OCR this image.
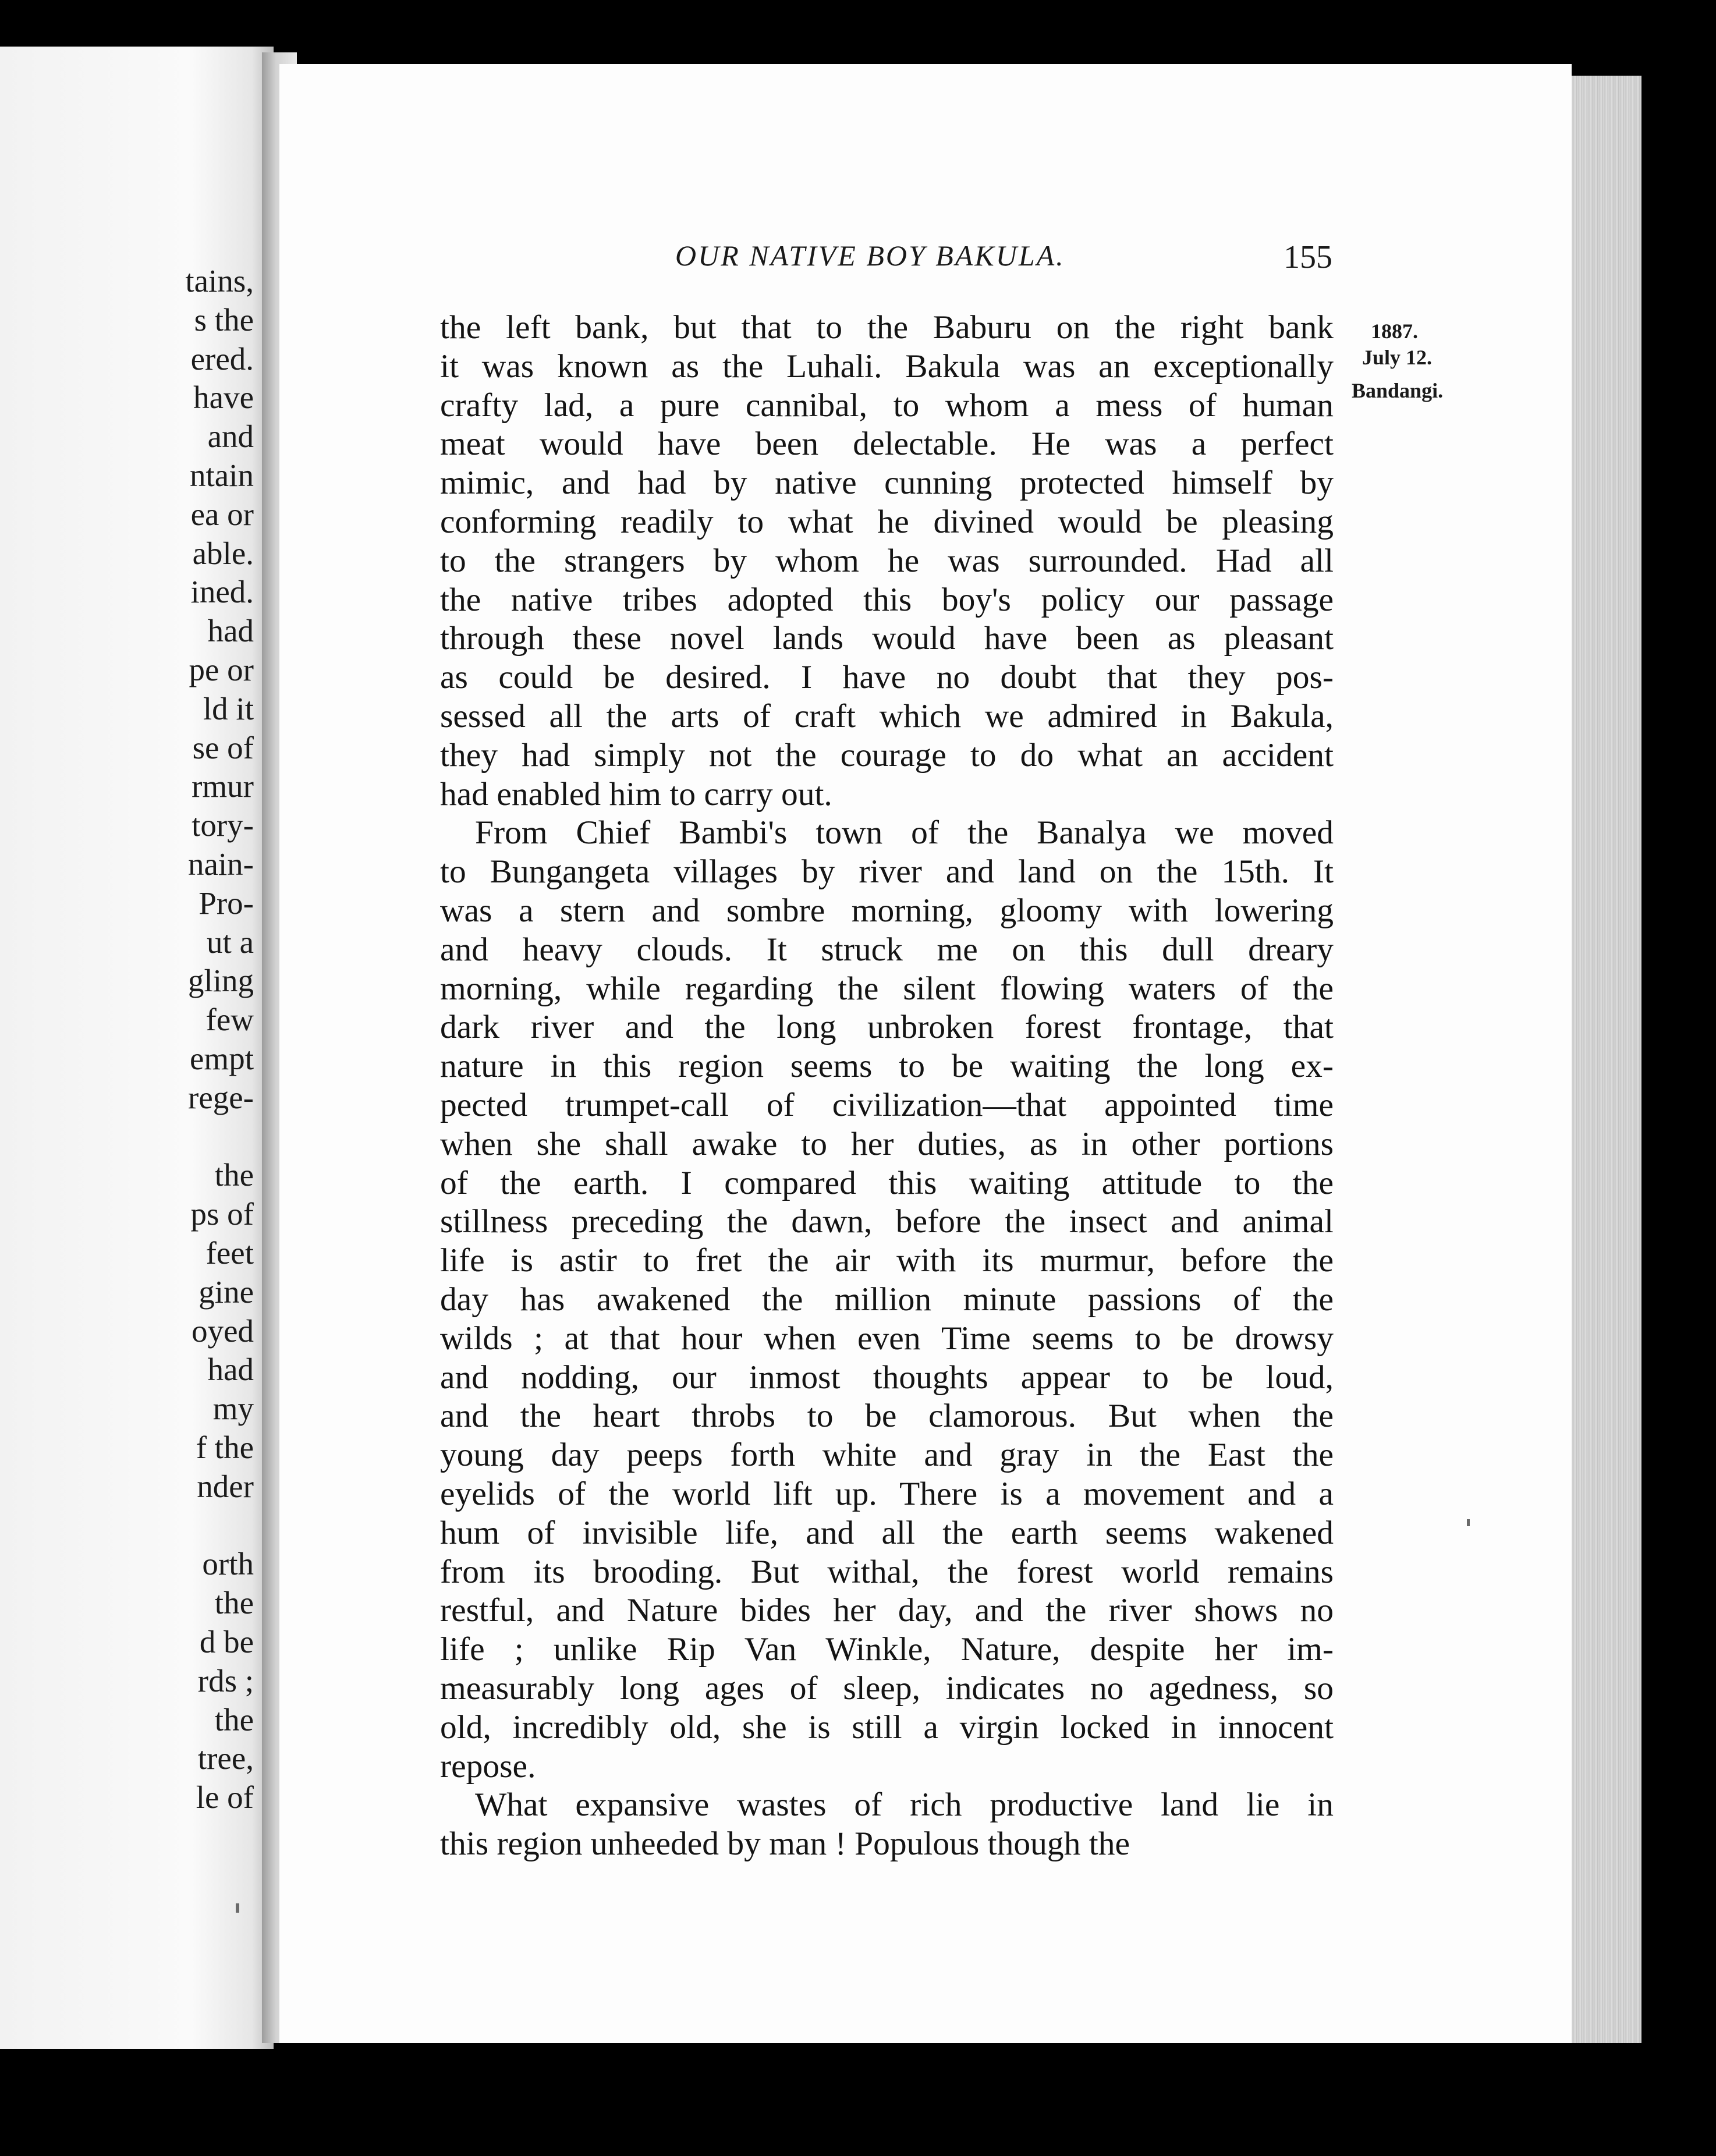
tains,
s the
ered.
have
and
ntain
ea or
able.
ined.
had
pe or
ld it
se of
rmur
tory-
nain-
Pro-
ut a
gling
few
empt
rege-
the
ps of
feet
gine
oyed
had
my
f the
nder
orth
the
d be
rds ;
the
tree,
le of
OUR NATIVE BOY BAKULA.	155
1887.
July 12.
Bandangi.
the left bank, but that to the Baburu on the right bank
it was known as the Luhali. Bakula was an exceptionally
crafty lad, a pure cannibal, to whom a mess of human
meat would have been delectable. He was a perfect
mimic, and had by native cunning protected himself by
conforming readily to what he divined would be pleasing
to the strangers by whom he was surrounded. Had all
the native tribes adopted this boy's policy our passage
through these novel lands would have been as pleasant
as could be desired. I have no doubt that they pos-
sessed all the arts of craft which we admired in Bakula,
they had simply not the courage to do what an accident
had enabled him to carry out.
From Chief Bambi's town of the Banalya we moved
to Bungangeta villages by river and land on the 15th. It
was a stern and sombre morning, gloomy with lowering
and heavy clouds. It struck me on this dull dreary
morning, while regarding the silent flowing waters of the
dark river and the long unbroken forest frontage, that
nature in this region seems to be waiting the long ex-
pected trumpet-call of civilization—that appointed time
when she shall awake to her duties, as in other portions
of the earth. I compared this waiting attitude to the
stillness preceding the dawn, before the insect and animal
life is astir to fret the air with its murmur, before the
day has awakened the million minute passions of the
wilds ; at that hour when even Time seems to be drowsy
and nodding, our inmost thoughts appear to be loud,
and the heart throbs to be clamorous. But when the
young day peeps forth white and gray in the East the
eyelids of the world lift up. There is a movement and a
hum of invisible life, and all the earth seems wakened
from its brooding. But withal, the forest world remains
restful, and Nature bides her day, and the river shows no
life ; unlike Rip Van Winkle, Nature, despite her im-
measurably long ages of sleep, indicates no agedness, so
old, incredibly old, she is still a virgin locked in innocent
repose.
What expansive wastes of rich productive land lie in
this region unheeded by man ! Populous though the
